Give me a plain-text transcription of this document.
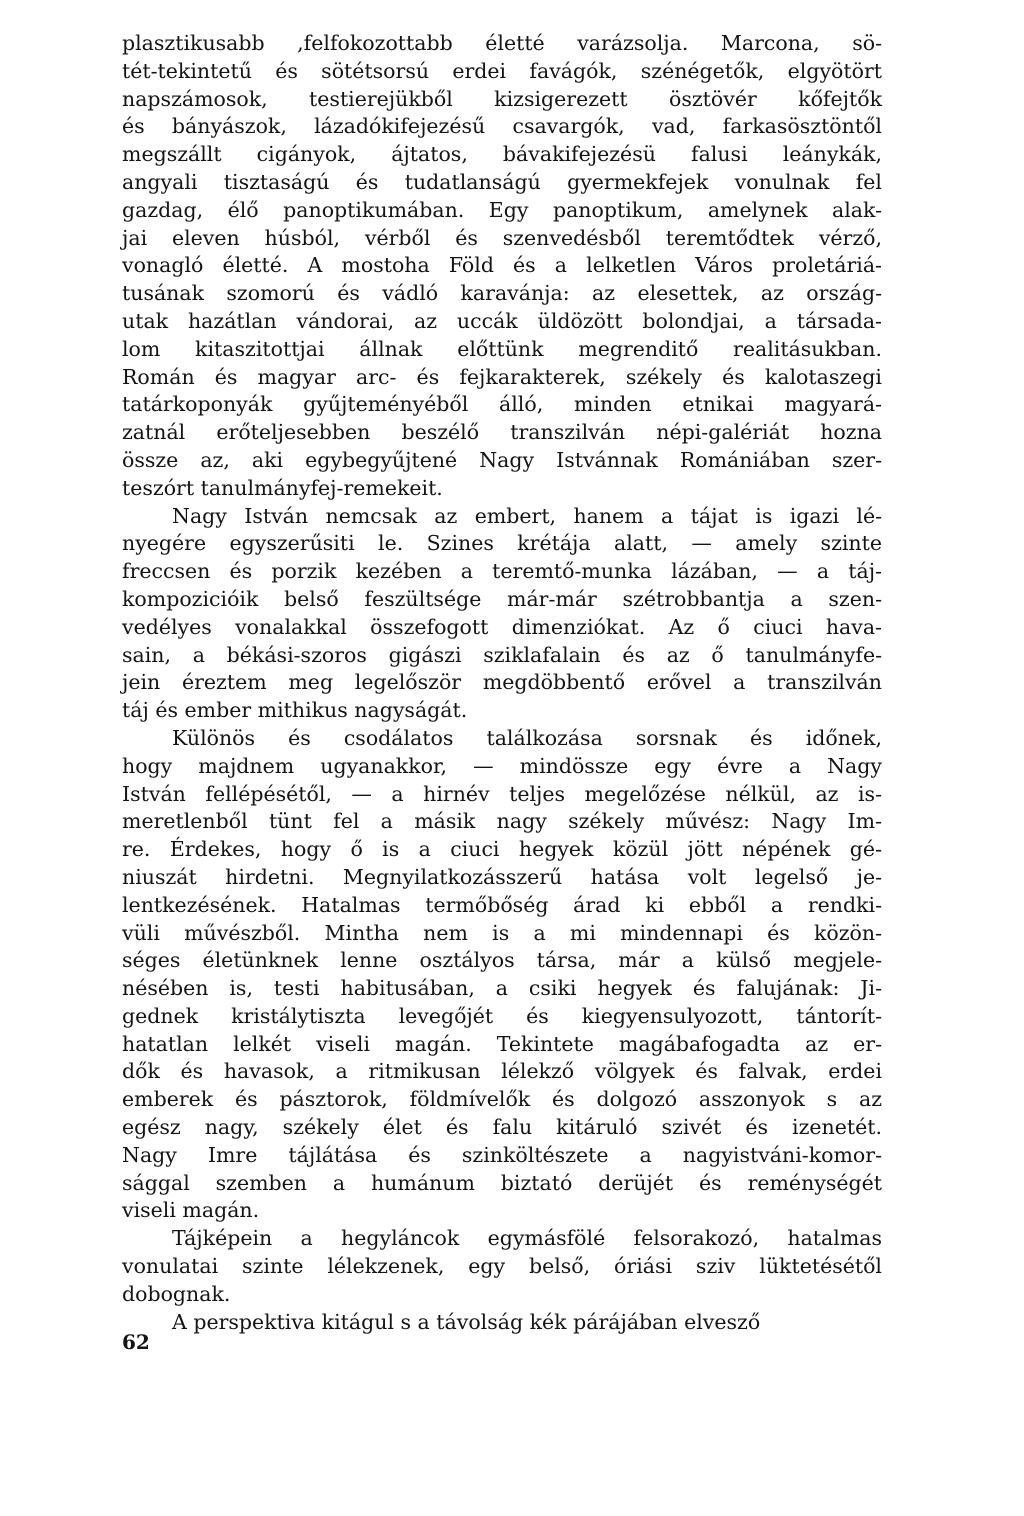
plasztikusabb ,felfokozottabb életté varázsolja. Marcona, sö-
tét-tekintetű és sötétsorsú erdei favágók, szénégetők, elgyötört
napszámosok, testierejükből kizsigerezett ösztövér kőfejtők
és bányászok, lázadókifejezésű csavargók, vad, farkasösztöntől
megszállt cigányok, ájtatos, bávakifejezésü falusi leánykák,
angyali tisztaságú és tudatlanságú gyermekfejek vonulnak fel
gazdag, élő panoptikumában. Egy panoptikum, amelynek alak-
jai eleven húsból, vérből és szenvedésből teremtődtek vérző,
vonagló életté. A mostoha Föld és a lelketlen Város proletáriá-
tusának szomorú és vádló karavánja: az elesettek, az ország-
utak hazátlan vándorai, az uccák üldözött bolondjai, a társada-
lom kitaszitottjai állnak előttünk megrenditő realitásukban.
Román és magyar arc- és fejkarakterek, székely és kalotaszegi
tatárkoponyák gyűjteményéből álló, minden etnikai magyará-
zatnál erőteljesebben beszélő transzilván népi-galériát hozna
össze az, aki egybegyűjtené Nagy Istvánnak Romániában szer-
teszórt tanulmányfej-remekeit.
Nagy István nemcsak az embert, hanem a tájat is igazi lé-
nyegére egyszerűsiti le. Szines krétája alatt, — amely szinte
freccsen és porzik kezében a teremtő-munka lázában, — a táj-
kompozicióik belső feszültsége már-már szétrobbantja a szen-
vedélyes vonalakkal összefogott dimenziókat. Az ő ciuci hava-
sain, a békási-szoros gigászi sziklafalain és az ő tanulmányfe-
jein éreztem meg legelőször megdöbbentő erővel a transzilván
táj és ember mithikus nagyságát.
Különös és csodálatos találkozása sorsnak és időnek,
hogy majdnem ugyanakkor, — mindössze egy évre a Nagy
István fellépésétől, — a hirnév teljes megelőzése nélkül, az is-
meretlenből tünt fel a másik nagy székely művész: Nagy Im-
re. Érdekes, hogy ő is a ciuci hegyek közül jött népének gé-
niuszát hirdetni. Megnyilatkozásszerű hatása volt legelső je-
lentkezésének. Hatalmas termőbőség árad ki ebből a rendki-
vüli művészből. Mintha nem is a mi mindennapi és közön-
séges életünknek lenne osztályos társa, már a külső megjele-
nésében is, testi habitusában, a csiki hegyek és falujának: Ji-
gednek kristálytiszta levegőjét és kiegyensulyozott, tántorít-
hatatlan lelkét viseli magán. Tekintete magábafogadta az er-
dők és havasok, a ritmikusan lélekző völgyek és falvak, erdei
emberek és pásztorok, földmívelők és dolgozó asszonyok s az
egész nagy, székely élet és falu kitáruló szivét és izenetét.
Nagy Imre tájlátása és szinköltészete a nagyistváni-komor-
sággal szemben a humánum biztató derüjét és reménységét
viseli magán.
Tájképein a hegyláncok egymásfölé felsorakozó, hatalmas
vonulatai szinte lélekzenek, egy belső, óriási sziv lüktetésétől
dobognak.
A perspektiva kitágul s a távolság kék párájában elvesző
62
